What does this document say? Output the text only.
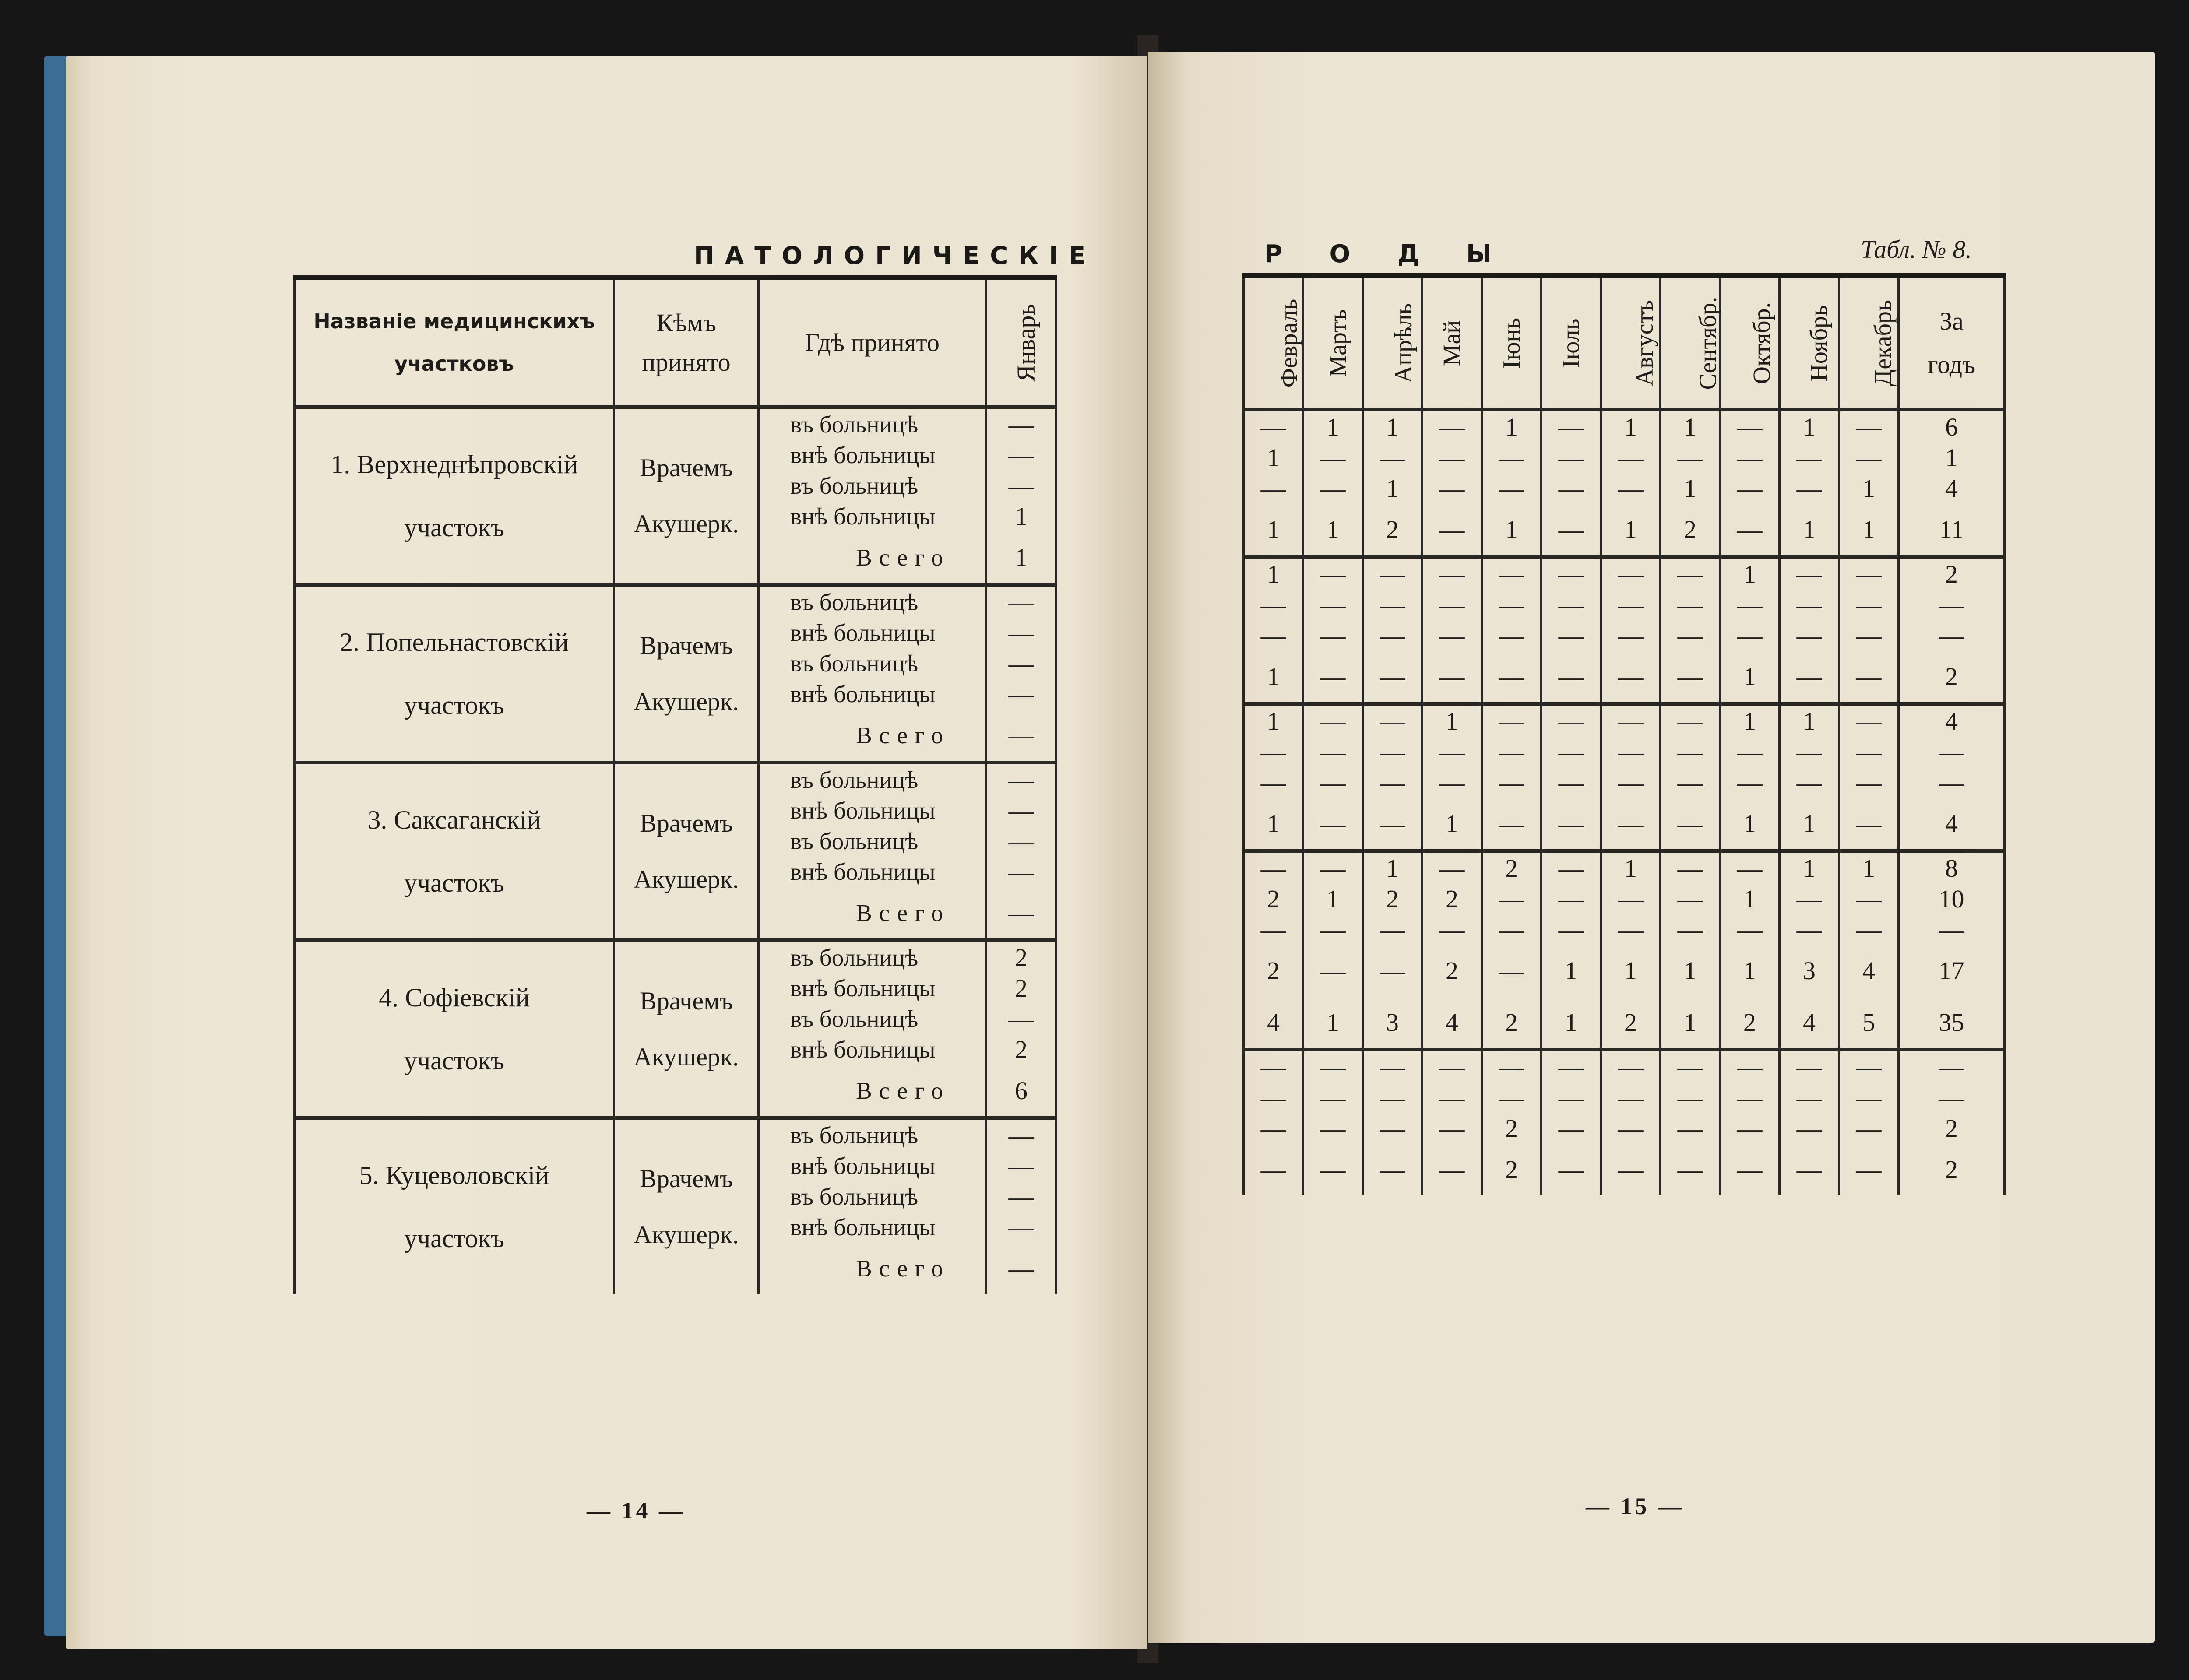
ПАТОЛОГИЧЕСКІЕ
Названіе медицинскихъ
участковъ	Кѣмъ
принято	Гдѣ принято	Январь
1. Верхнеднѣпровскій
участокъ	Врачемъ
Акушерк.	въ больницѣ	—
		внѣ больницы	—
		въ больницѣ	—
		внѣ больницы	1
		Всего	1
2. Попельнастовскій
участокъ	Врачемъ
Акушерк.	въ больницѣ	—
		внѣ больницы	—
		въ больницѣ	—
		внѣ больницы	—
		Всего	—
3. Саксаганскій
участокъ	Врачемъ
Акушерк.	въ больницѣ	—
		внѣ больницы	—
		въ больницѣ	—
		внѣ больницы	—
		Всего	—
4. Софіевскій
участокъ	Врачемъ
Акушерк.	въ больницѣ	2
		внѣ больницы	2
		въ больницѣ	—
		внѣ больницы	2
		Всего	6
5. Куцеволовскій
участокъ	Врачемъ
Акушерк.	въ больницѣ	—
		внѣ больницы	—
		въ больницѣ	—
		внѣ больницы	—
		Всего	—
— 14 —
Р О Д Ы	Табл. № 8.
Февраль	Мартъ	Апрѣль	Май	Іюнь	Іюль	Августъ	Сентябр.	Октябр.	Ноябрь	Декабрь	За
годъ
—	1	1	—	1	—	1	1	—	1	—	6
1	—	—	—	—	—	—	—	—	—	—	1
—	—	1	—	—	—	—	1	—	—	1	4
1	1	2	—	1	—	1	2	—	1	1	11
1	—	—	—	—	—	—	—	1	—	—	2
—	—	—	—	—	—	—	—	—	—	—	—
—	—	—	—	—	—	—	—	—	—	—	—
1	—	—	—	—	—	—	—	1	—	—	2
1	—	—	1	—	—	—	—	1	1	—	4
—	—	—	—	—	—	—	—	—	—	—	—
—	—	—	—	—	—	—	—	—	—	—	—
1	—	—	1	—	—	—	—	1	1	—	4
—	—	1	—	2	—	1	—	—	1	1	8
2	1	2	2	—	—	—	—	1	—	—	10
—	—	—	—	—	—	—	—	—	—	—	—
2	—	—	2	—	1	1	1	1	3	4	17
4	1	3	4	2	1	2	1	2	4	5	35
—	—	—	—	—	—	—	—	—	—	—	—
—	—	—	—	—	—	—	—	—	—	—	—
—	—	—	—	2	—	—	—	—	—	—	2
—	—	—	—	2	—	—	—	—	—	—	2
— 15 —
